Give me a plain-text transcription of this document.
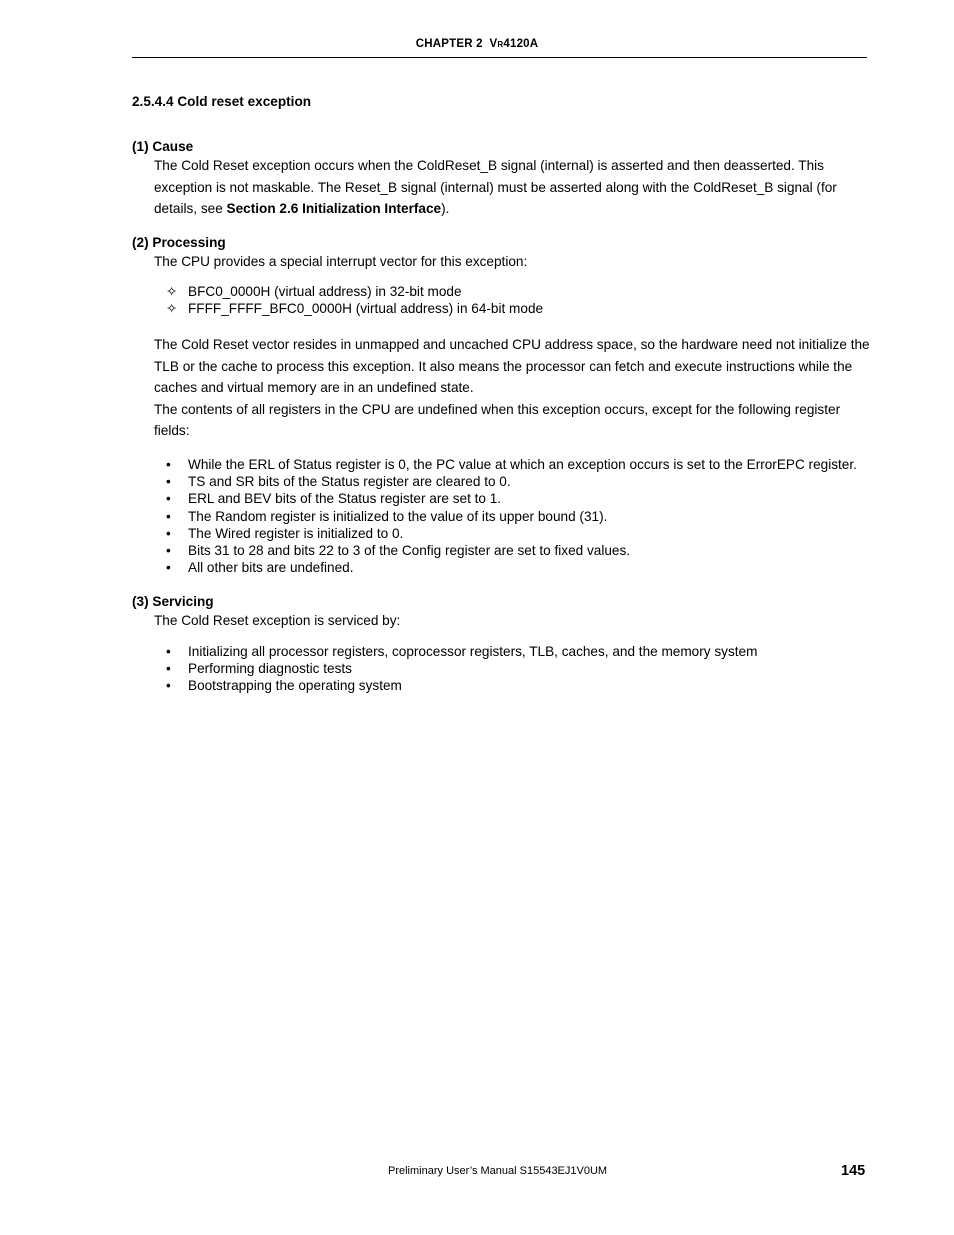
CHAPTER 2 VR4120A
2.5.4.4 Cold reset exception
(1) Cause
The Cold Reset exception occurs when the ColdReset_B signal (internal) is asserted and then deasserted. This exception is not maskable. The Reset_B signal (internal) must be asserted along with the ColdReset_B signal (for details, see Section 2.6 Initialization Interface).
(2) Processing
The CPU provides a special interrupt vector for this exception:
✧ BFC0_0000H (virtual address) in 32-bit mode
✧ FFFF_FFFF_BFC0_0000H (virtual address) in 64-bit mode
The Cold Reset vector resides in unmapped and uncached CPU address space, so the hardware need not initialize the TLB or the cache to process this exception. It also means the processor can fetch and execute instructions while the caches and virtual memory are in an undefined state.
The contents of all registers in the CPU are undefined when this exception occurs, except for the following register fields:
•	While the ERL of Status register is 0, the PC value at which an exception occurs is set to the ErrorEPC register.
•	TS and SR bits of the Status register are cleared to 0.
•	ERL and BEV bits of the Status register are set to 1.
•	The Random register is initialized to the value of its upper bound (31).
•	The Wired register is initialized to 0.
•	Bits 31 to 28 and bits 22 to 3 of the Config register are set to fixed values.
•	All other bits are undefined.
(3) Servicing
The Cold Reset exception is serviced by:
•	Initializing all processor registers, coprocessor registers, TLB, caches, and the memory system
•	Performing diagnostic tests
•	Bootstrapping the operating system
Preliminary User’s Manual S15543EJ1V0UM	145
